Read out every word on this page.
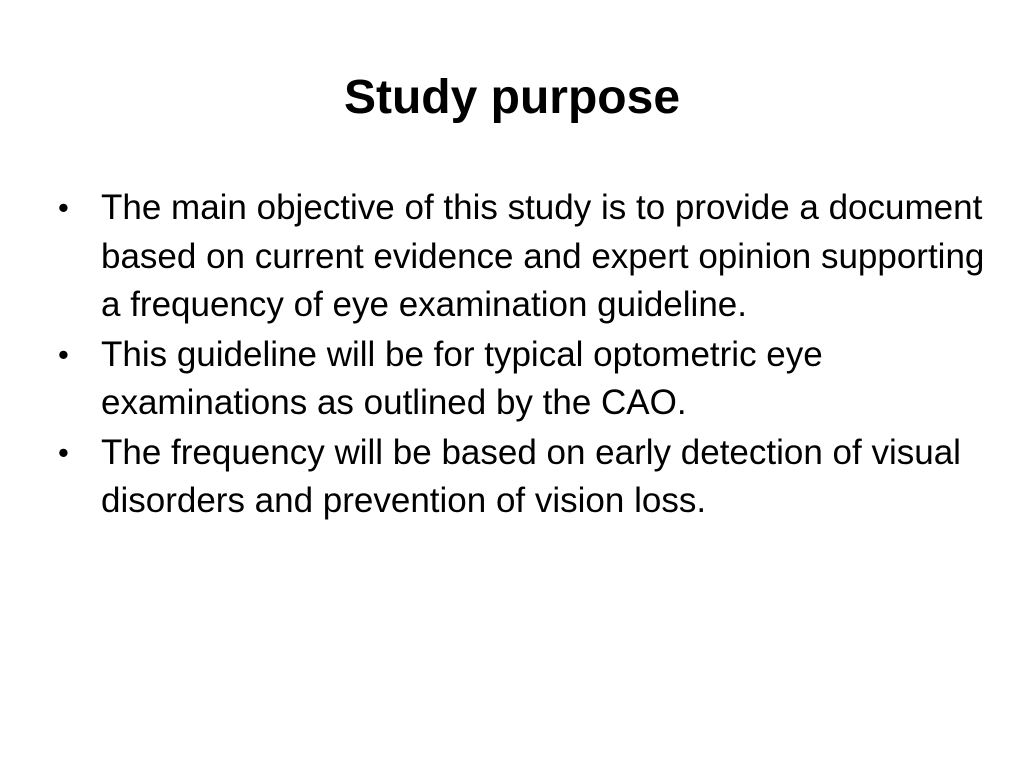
Study purpose
• The main objective of this study is to provide a document based on current evidence and expert opinion supporting a frequency of eye examination guideline.
• This guideline will be for typical optometric eye examinations as outlined by the CAO.
• The frequency will be based on early detection of visual disorders and prevention of vision loss.
